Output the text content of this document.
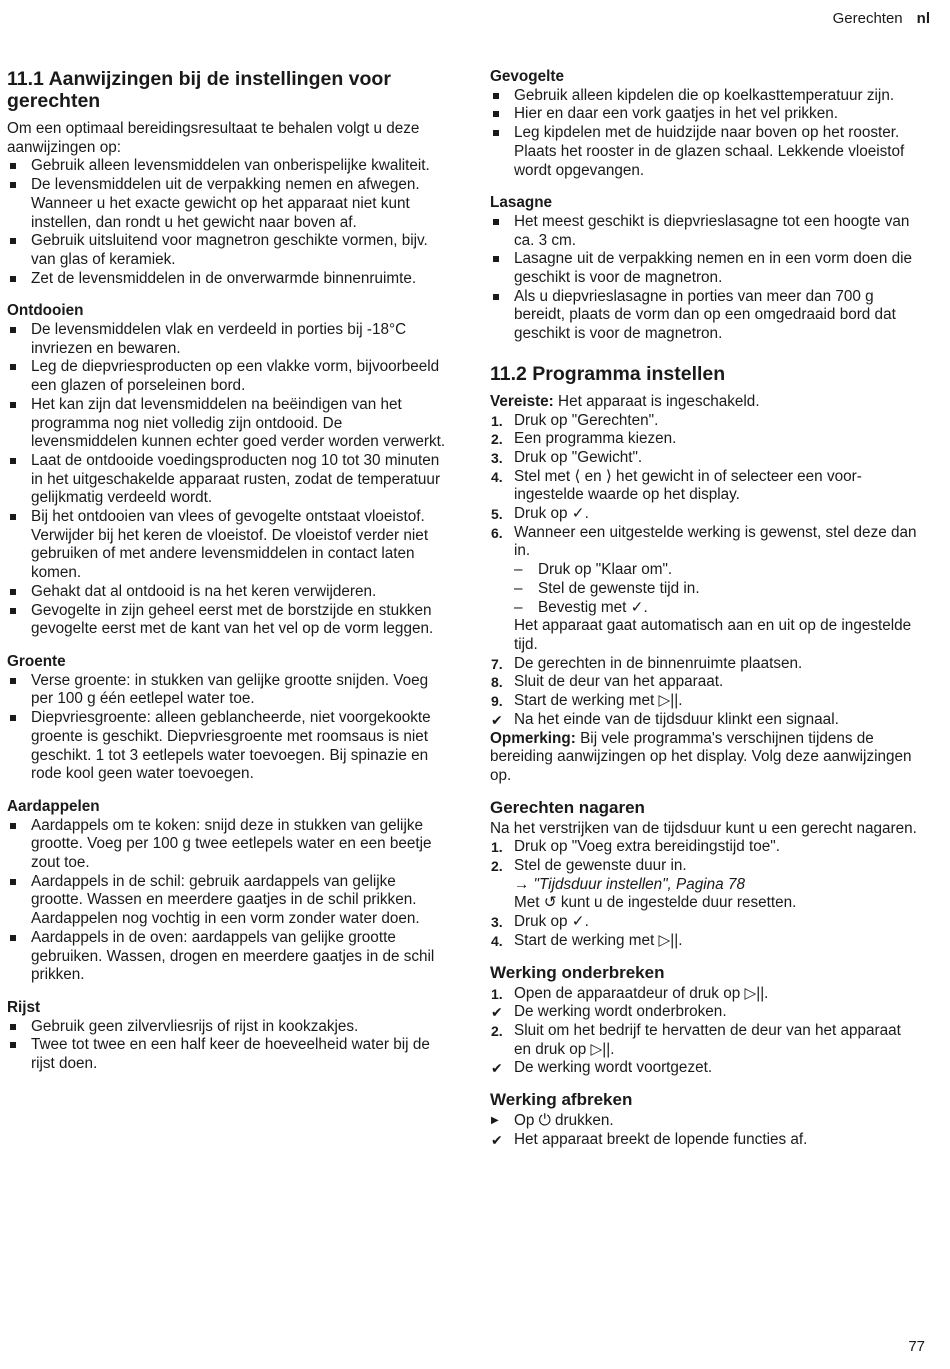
Gerechten nl
11.1 Aanwijzingen bij de instellingen voor gerechten

Om een optimaal bereidingsresultaat te behalen volgt u deze aanwijzingen op:

Gebruik alleen levensmiddelen van onberispelijke kwaliteit.
De levensmiddelen uit de verpakking nemen en afwegen. Wanneer u het exacte gewicht op het apparaat niet kunt instellen, dan rondt u het gewicht naar boven af.
Gebruik uitsluitend voor magnetron geschikte vormen, bijv. van glas of keramiek.
Zet de levensmiddelen in de onverwarmde binnenruimte.
Ontdooien
De levensmiddelen vlak en verdeeld in porties bij -18°C invriezen en bewaren.
Leg de diepvriesproducten op een vlakke vorm, bijvoorbeeld een glazen of porseleinen bord.
Het kan zijn dat levensmiddelen na beëindigen van het programma nog niet volledig zijn ontdooid. De levensmiddelen kunnen echter goed verder worden verwerkt.
Laat de ontdooide voedingsproducten nog 10 tot 30 minuten in het uitgeschakelde apparaat rusten, zodat de temperatuur gelijkmatig verdeeld wordt.
Bij het ontdooien van vlees of gevogelte ontstaat vloeistof. Verwijder bij het keren de vloeistof. De vloeistof verder niet gebruiken of met andere levensmiddelen in contact laten komen.
Gehakt dat al ontdooid is na het keren verwijderen.
Gevogelte in zijn geheel eerst met de borstzijde en stukken gevogelte eerst met de kant van het vel op de vorm leggen.
Groente
Verse groente: in stukken van gelijke grootte snijden. Voeg per 100 g één eetlepel water toe.
Diepvriesgroente: alleen geblancheerde, niet voorgekookte groente is geschikt. Diepvriesgroente met roomsaus is niet geschikt. 1 tot 3 eetlepels water toevoegen. Bij spinazie en rode kool geen water toevoegen.
Aardappelen
Aardappels om te koken: snijd deze in stukken van gelijke grootte. Voeg per 100 g twee eetlepels water en een beetje zout toe.
Aardappels in de schil: gebruik aardappels van gelijke grootte. Wassen en meerdere gaatjes in de schil prikken. Aardappelen nog vochtig in een vorm zonder water doen.
Aardappels in de oven: aardappels van gelijke grootte gebruiken. Wassen, drogen en meerdere gaatjes in de schil prikken.
Rijst
Gebruik geen zilvervliesrijs of rijst in kookzakjes.
Twee tot twee en een half keer de hoeveelheid water bij de rijst doen.
Gevogelte
Gebruik alleen kipdelen die op koelkasttemperatuur zijn.
Hier en daar een vork gaatjes in het vel prikken.
Leg kipdelen met de huidzijde naar boven op het rooster. Plaats het rooster in de glazen schaal. Lekkende vloeistof wordt opgevangen.
Lasagne
Het meest geschikt is diepvrieslasagne tot een hoogte van ca. 3 cm.
Lasagne uit de verpakking nemen en in een vorm doen die geschikt is voor de magnetron.
Als u diepvrieslasagne in porties van meer dan 700 g bereidt, plaats de vorm dan op een omgedraaid bord dat geschikt is voor de magnetron.
11.2 Programma instellen

Vereiste: Het apparaat is ingeschakeld.

1. Druk op "Gerechten".
2. Een programma kiezen.
3. Druk op "Gewicht".
4. Stel met ⟨ en ⟩ het gewicht in of selecteer een vooringestelde waarde op het display.
5. Druk op ✓.
6. Wanneer een uitgestelde werking is gewenst, stel deze dan in.
– Druk op "Klaar om".
– Stel de gewenste tijd in.
– Bevestig met ✓.
Het apparaat gaat automatisch aan en uit op de ingestelde tijd.
7. De gerechten in de binnenruimte plaatsen.
8. Sluit de deur van het apparaat.
9. Start de werking met ▷||.
✔ Na het einde van de tijdsduur klinkt een signaal.

Opmerking: Bij vele programma's verschijnen tijdens de bereiding aanwijzingen op het display. Volg deze aanwijzingen op.

Gerechten nagaren

Na het verstrijken van de tijdsduur kunt u een gerecht nagaren.

1. Druk op "Voeg extra bereidingstijd toe".
2. Stel de gewenste duur in.
→ "Tijdsduur instellen", Pagina 78
Met ↺ kunt u de ingestelde duur resetten.
3. Druk op ✓.
4. Start de werking met ▷||.
Werking onderbreken
1. Open de apparaatdeur of druk op ▷||.
✔ De werking wordt onderbroken.
2. Sluit om het bedrijf te hervatten de deur van het apparaat en druk op ▷||.
✔ De werking wordt voortgezet.
Werking afbreken
▶ Op ⏻ drukken.
✔ Het apparaat breekt de lopende functies af.
77
